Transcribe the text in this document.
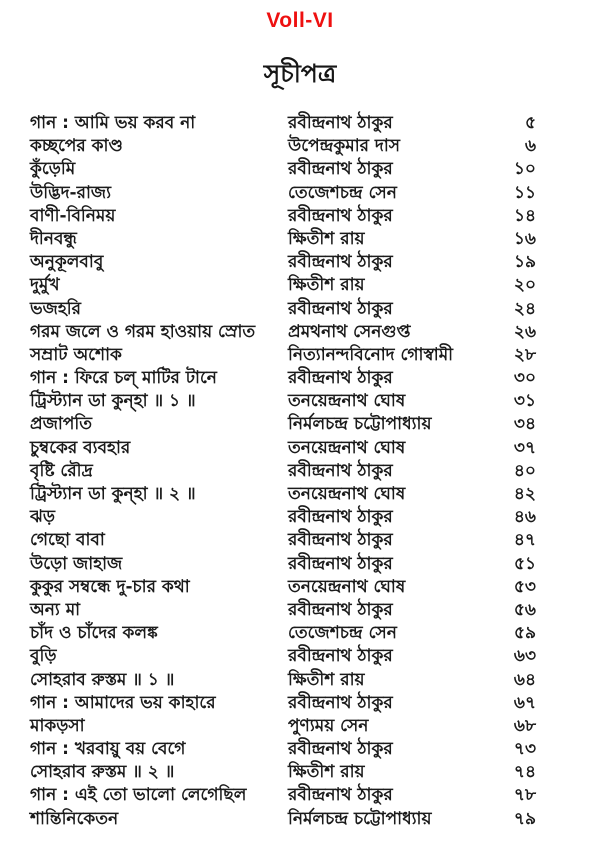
Voll-VI
সূচীপত্র
গান : আমি ভয় করব না	রবীন্দ্রনাথ ঠাকুর	৫
কচ্ছপের কাণ্ড	উপেন্দ্রকুমার দাস	৬
কুঁড়েমি	রবীন্দ্রনাথ ঠাকুর	১০
উদ্ভিদ-রাজ্য	তেজেশচন্দ্র সেন	১১
বাণী-বিনিময়	রবীন্দ্রনাথ ঠাকুর	১৪
দীনবন্ধু	ক্ষিতীশ রায়	১৬
অনুকূলবাবু	রবীন্দ্রনাথ ঠাকুর	১৯
দুর্মুখ	ক্ষিতীশ রায়	২০
ভজহরি	রবীন্দ্রনাথ ঠাকুর	২৪
গরম জলে ও গরম হাওয়ায় স্রোত	প্রমথনাথ সেনগুপ্ত	২৬
সম্রাট অশোক	নিত্যানন্দবিনোদ গোস্বামী	২৮
গান : ফিরে চল্ মাটির টানে	রবীন্দ্রনাথ ঠাকুর	৩০
ট্রিস্ট্যান ডা কুন্‌হা ॥ ১ ॥	তনয়েন্দ্রনাথ ঘোষ	৩১
প্রজাপতি	নির্মলচন্দ্র চট্টোপাধ্যায়	৩৪
চুম্বকের ব্যবহার	তনয়েন্দ্রনাথ ঘোষ	৩৭
বৃষ্টি রৌদ্র	রবীন্দ্রনাথ ঠাকুর	৪০
ট্রিস্ট্যান ডা কুন্‌হা ॥ ২ ॥	তনয়েন্দ্রনাথ ঘোষ	৪২
ঝড়	রবীন্দ্রনাথ ঠাকুর	৪৬
গেছো বাবা	রবীন্দ্রনাথ ঠাকুর	৪৭
উড়ো জাহাজ	রবীন্দ্রনাথ ঠাকুর	৫১
কুকুর সম্বন্ধে দু-চার কথা	তনয়েন্দ্রনাথ ঘোষ	৫৩
অন্য মা	রবীন্দ্রনাথ ঠাকুর	৫৬
চাঁদ ও চাঁদের কলঙ্ক	তেজেশচন্দ্র সেন	৫৯
বুড়ি	রবীন্দ্রনাথ ঠাকুর	৬৩
সোহরাব রুস্তম ॥ ১ ॥	ক্ষিতীশ রায়	৬৪
গান : আমাদের ভয় কাহারে	রবীন্দ্রনাথ ঠাকুর	৬৭
মাকড়সা	পুণ্যময় সেন	৬৮
গান : খরবায়ু বয় বেগে	রবীন্দ্রনাথ ঠাকুর	৭৩
সোহরাব রুস্তম ॥ ২ ॥	ক্ষিতীশ রায়	৭৪
গান : এই তো ভালো লেগেছিল	রবীন্দ্রনাথ ঠাকুর	৭৮
শান্তিনিকেতন	নির্মলচন্দ্র চট্টোপাধ্যায়	৭৯
